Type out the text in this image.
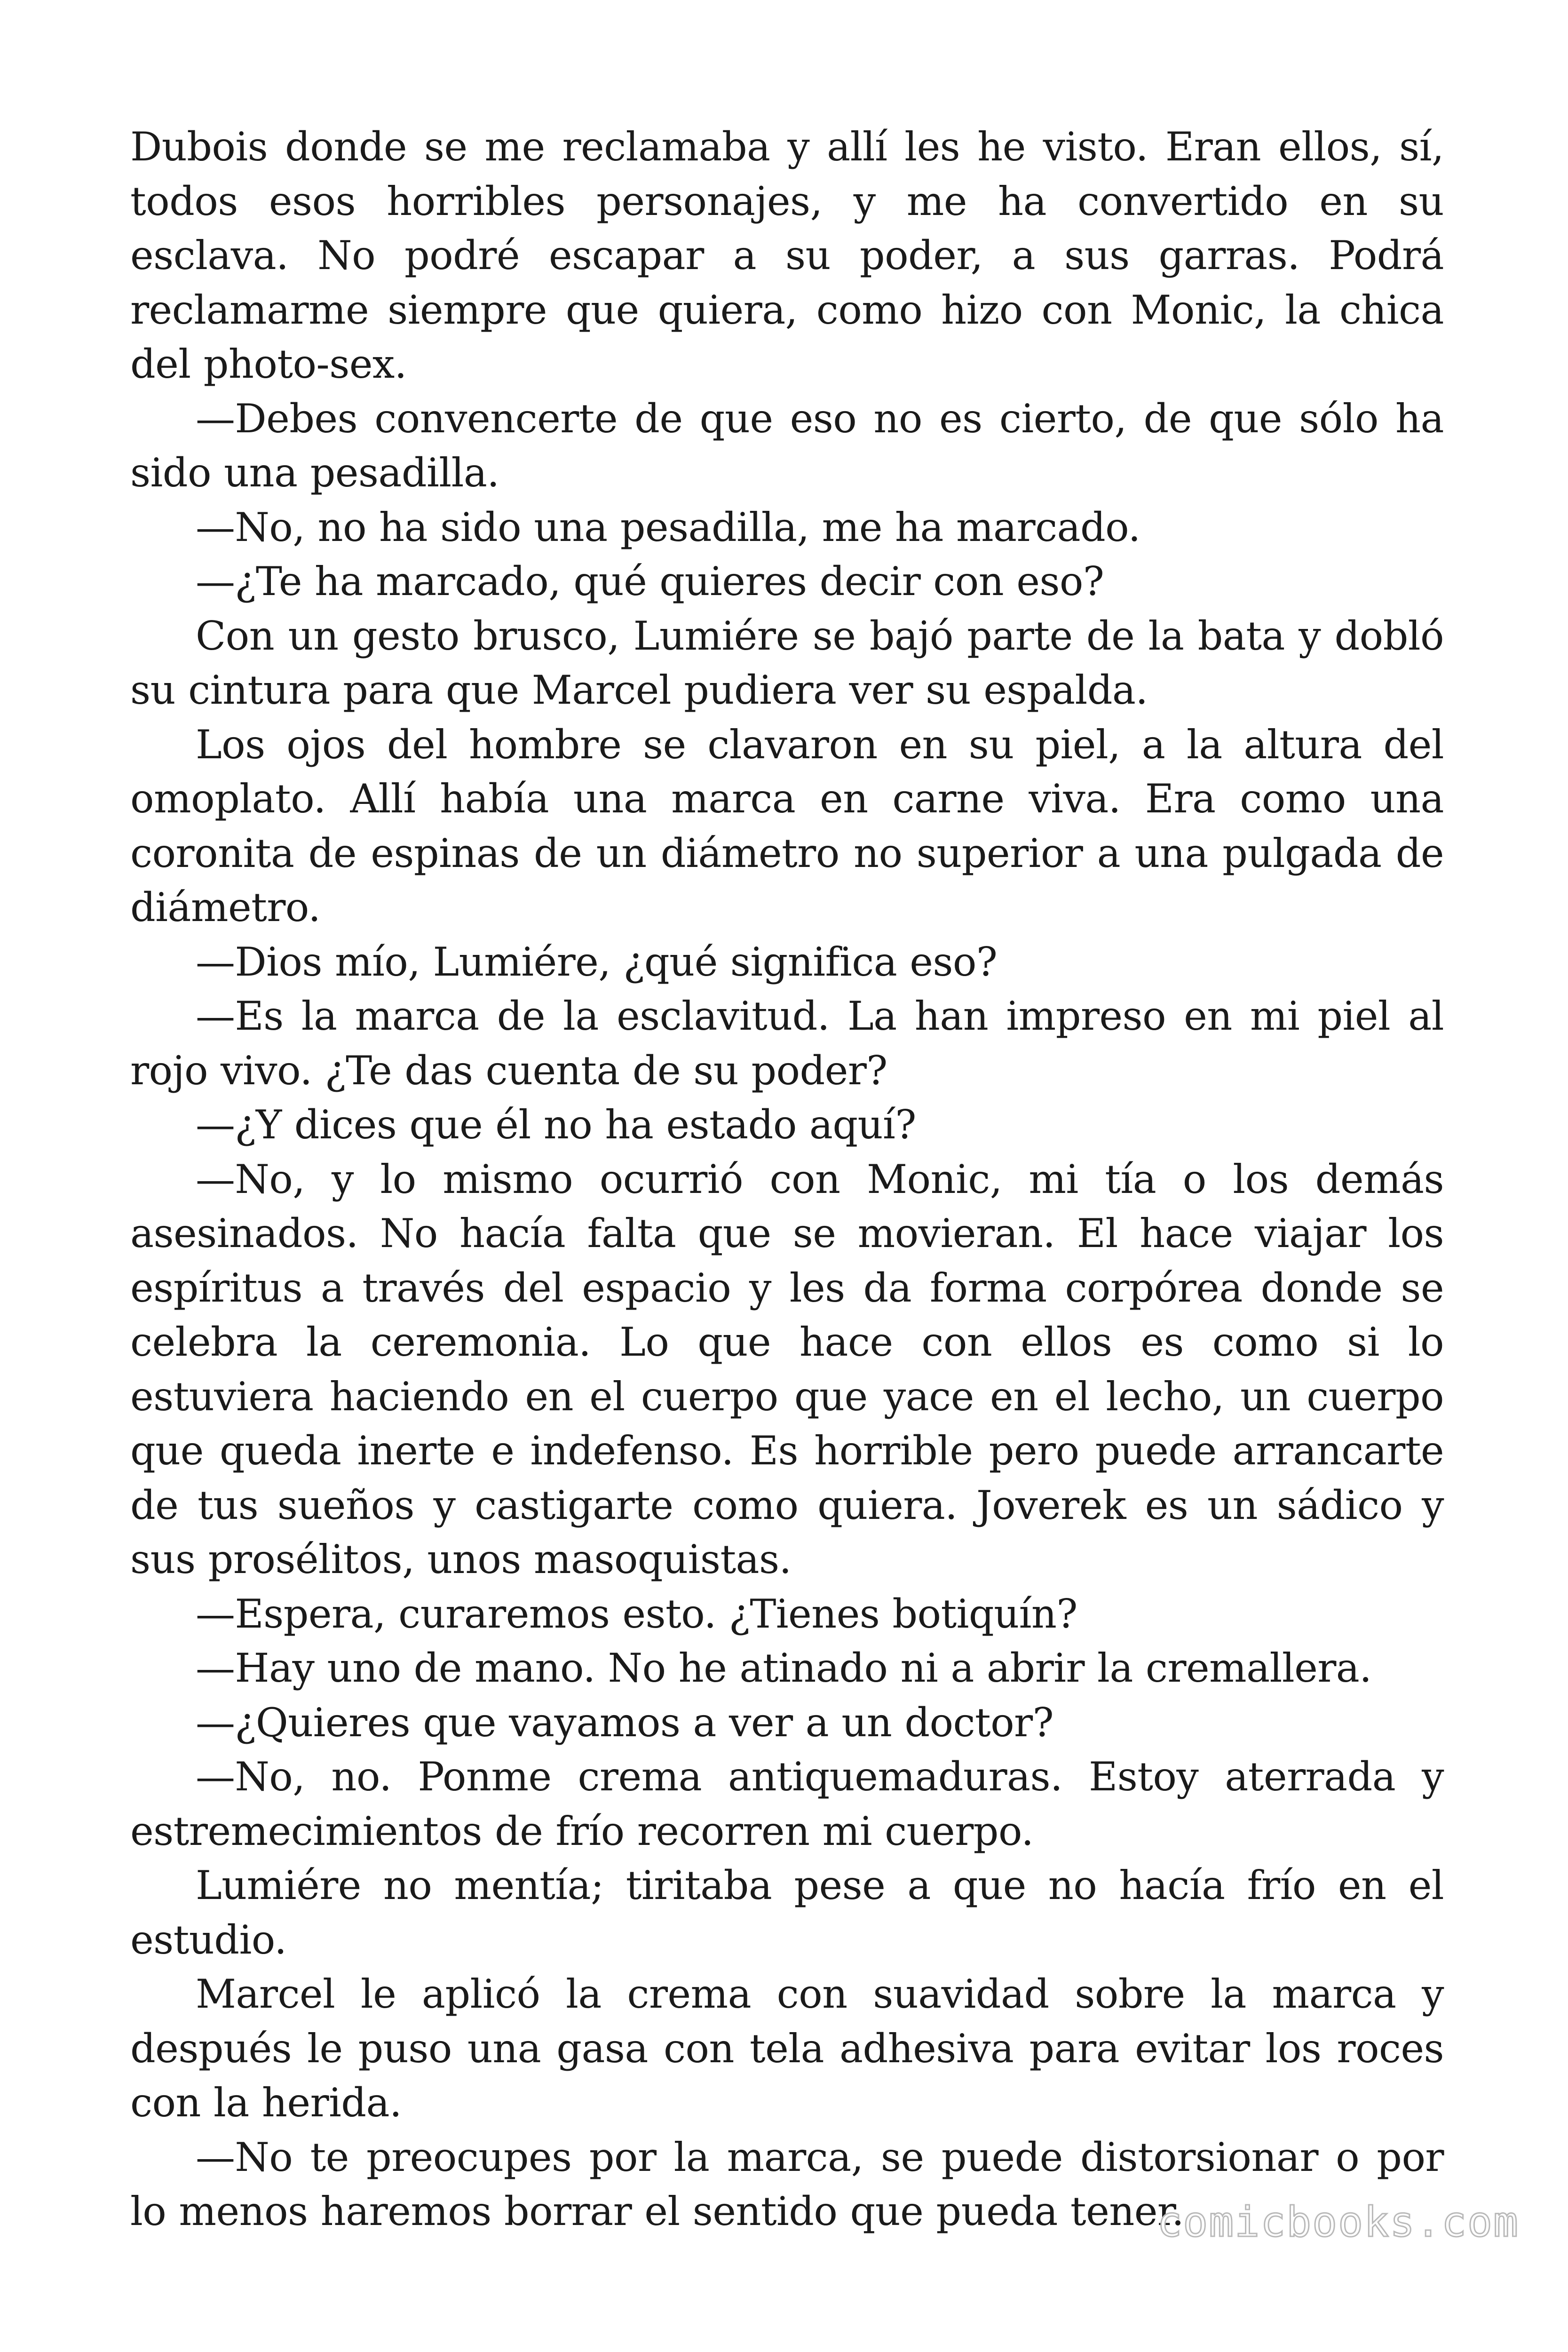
Dubois donde se me reclamaba y allí les he visto. Eran ellos, sí, todos esos horribles personajes, y me ha convertido en su esclava. No podré escapar a su poder, a sus garras. Podrá reclamarme siempre que quiera, como hizo con Monic, la chica del photo-sex.

—Debes convencerte de que eso no es cierto, de que sólo ha sido una pesadilla.

—No, no ha sido una pesadilla, me ha marcado.

—¿Te ha marcado, qué quieres decir con eso?

Con un gesto brusco, Lumiére se bajó parte de la bata y dobló su cintura para que Marcel pudiera ver su espalda.

Los ojos del hombre se clavaron en su piel, a la altura del omoplato. Allí había una marca en carne viva. Era como una coronita de espinas de un diámetro no superior a una pulgada de diámetro.

—Dios mío, Lumiére, ¿qué significa eso?

—Es la marca de la esclavitud. La han impreso en mi piel al rojo vivo. ¿Te das cuenta de su poder?

—¿Y dices que él no ha estado aquí?

—No, y lo mismo ocurrió con Monic, mi tía o los demás asesinados. No hacía falta que se movieran. El hace viajar los espíritus a través del espacio y les da forma corpórea donde se celebra la ceremonia. Lo que hace con ellos es como si lo estuviera haciendo en el cuerpo que yace en el lecho, un cuerpo que queda inerte e indefenso. Es horrible pero puede arrancarte de tus sueños y castigarte como quiera. Joverek es un sádico y sus prosélitos, unos masoquistas.

—Espera, curaremos esto. ¿Tienes botiquín?

—Hay uno de mano. No he atinado ni a abrir la cremallera.

—¿Quieres que vayamos a ver a un doctor?

—No, no. Ponme crema antiquemaduras. Estoy aterrada y estremecimientos de frío recorren mi cuerpo.

Lumiére no mentía; tiritaba pese a que no hacía frío en el estudio.

Marcel le aplicó la crema con suavidad sobre la marca y después le puso una gasa con tela adhesiva para evitar los roces con la herida.

—No te preocupes por la marca, se puede distorsionar o por lo menos haremos borrar el sentido que pueda tener.

comicbooks.com
